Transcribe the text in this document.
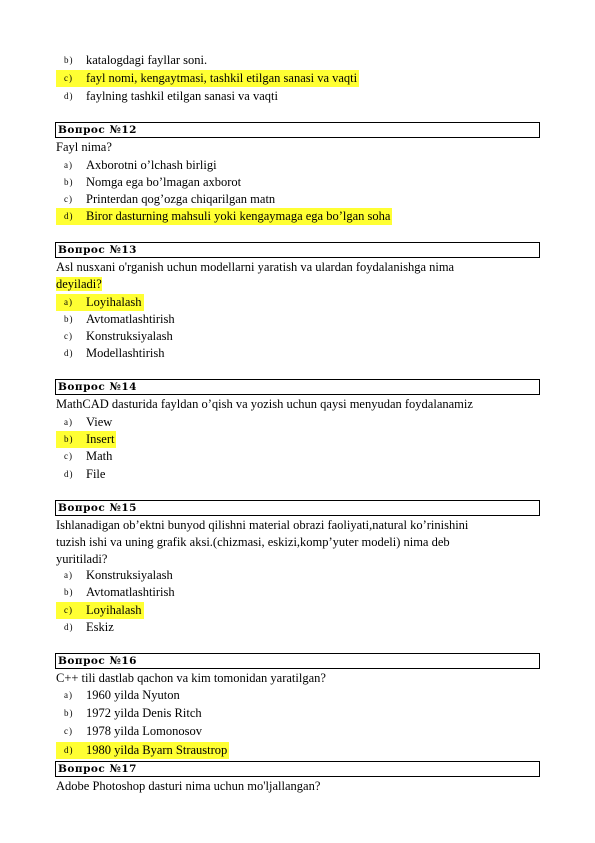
b)	katalogdagi fayllar soni.
c)	fayl nomi, kengaytmasi, tashkil etilgan sanasi va vaqti
d)	faylning tashkil etilgan sanasi va vaqti
Вопрос №12
Fayl nima?
a)	Axborotni o’lchash birligi
b)	Nomga ega bo’lmagan axborot
c)	Printerdan qog’ozga chiqarilgan matn
d)	Biror dasturning mahsuli yoki kengaymaga ega bo’lgan soha
Вопрос №13
Asl nusxani o'rganish uchun modellarni yaratish va ulardan foydalanishga nima
deyiladi?
a)	Loyihalash
b)	Avtomatlashtirish
c)	Konstruksiyalash
d)	Modellashtirish
Вопрос №14
MathCAD dasturida fayldan o’qish va yozish uchun qaysi menyudan foydalanamiz
a)	View
b)	Insert
c)	Math
d)	File
Вопрос №15
Ishlanadigan ob’ektni bunyod qilishni material obrazi faoliyati,natural ko’rinishini
tuzish ishi va uning grafik aksi.(chizmasi, eskizi,komp’yuter modeli) nima deb
yuritiladi?
a)	Konstruksiyalash
b)	Avtomatlashtirish
c)	Loyihalash
d)	Eskiz
Вопрос №16
C++ tili dastlab qachon va kim tomonidan yaratilgan?
a)	1960 yilda Nyuton
b)	1972 yilda Denis Ritch
c)	1978 yilda Lomonosov
d)	1980 yilda Byarn Straustrop
Вопрос №17
Adobe Photoshop dasturi nima uchun mo'ljallangan?
